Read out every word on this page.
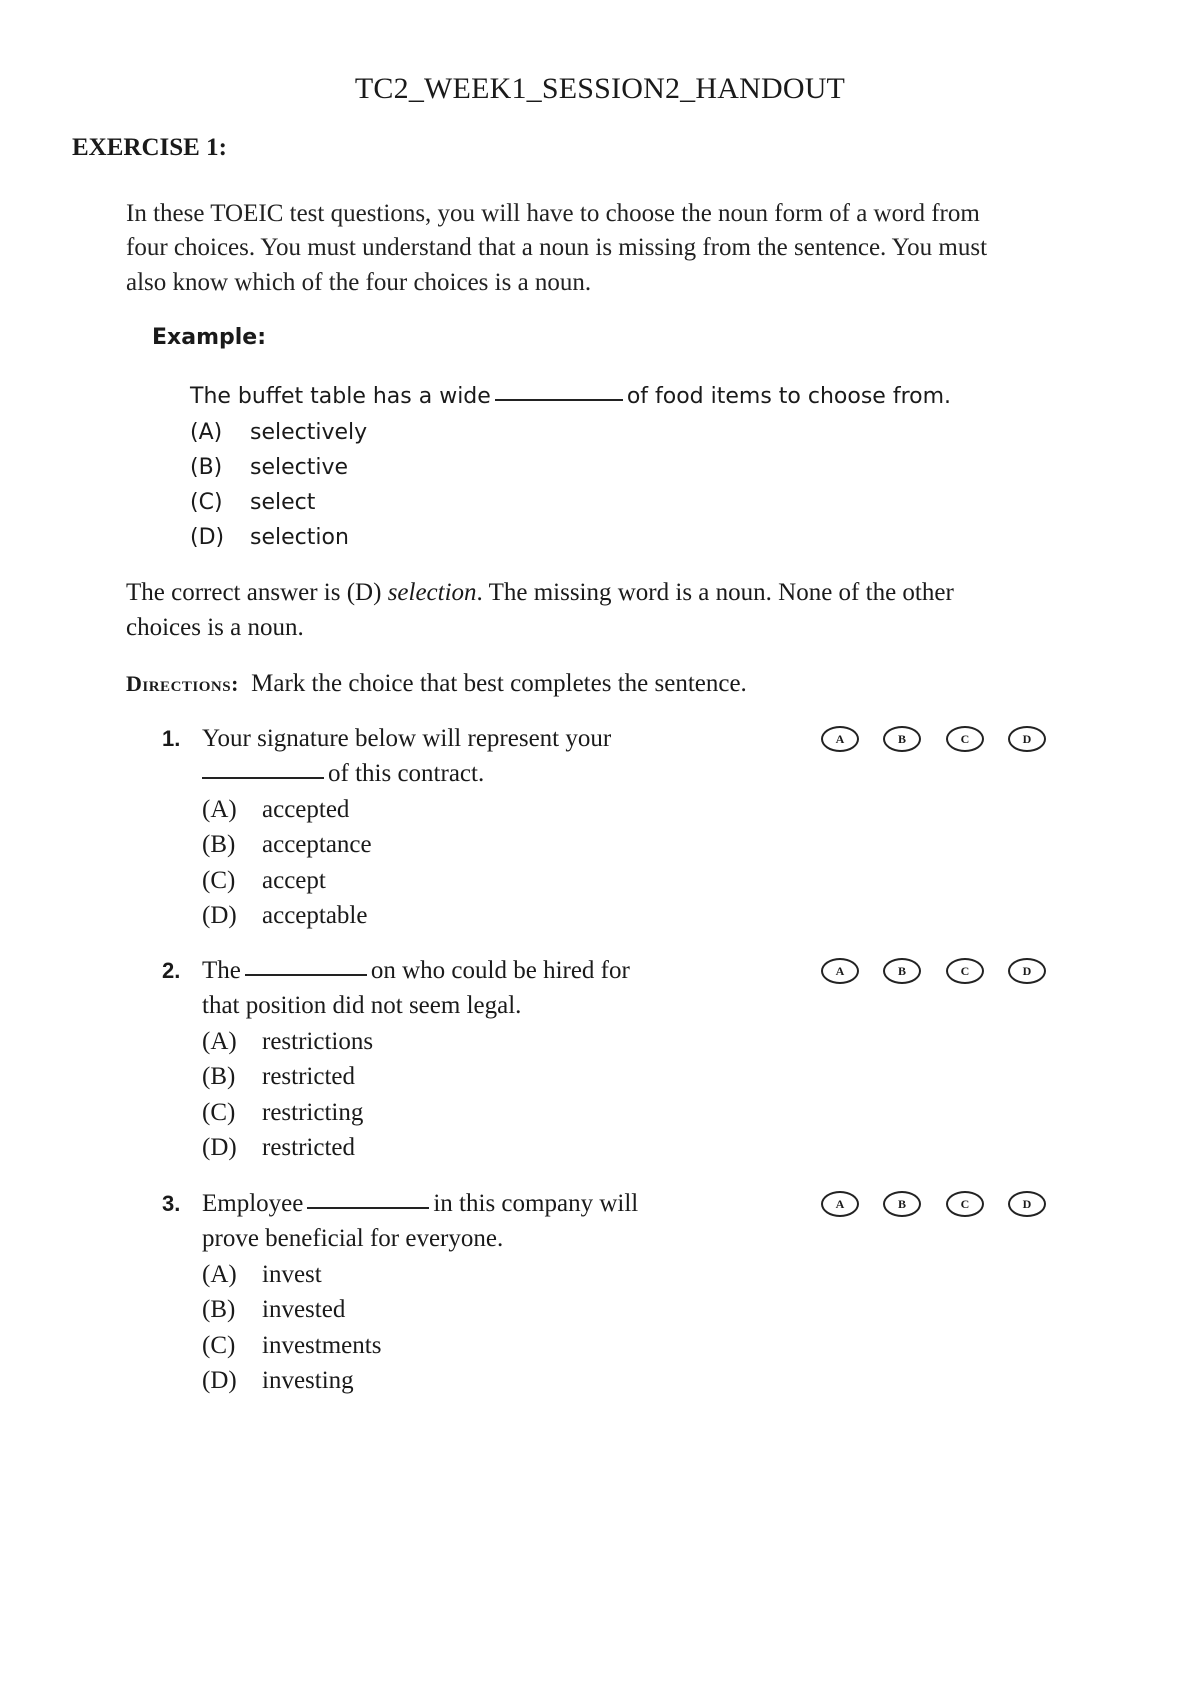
TC2_WEEK1_SESSION2_HANDOUT
EXERCISE 1:
In these TOEIC test questions, you will have to choose the noun form of a word from
four choices. You must understand that a noun is missing from the sentence. You must
also know which of the four choices is a noun.
Example:
The buffet table has a wide	of food items to choose from.
(A) selectively
(B) selective
(C) select
(D) selection
The correct answer is (D) selection. The missing word is a noun. None of the other
choices is a noun.
Directions: Mark the choice that best completes the sentence.
1. Your signature below will represent your
of this contract.
(A) accepted
(B) acceptance
(C) accept
(D) acceptable
A	B	C	D
2. The	on who could be hired for
that position did not seem legal.
(A) restrictions
(B) restricted
(C) restricting
(D) restricted
A	B	C	D
3. Employee	in this company will
prove beneficial for everyone.
(A) invest
(B) invested
(C) investments
(D) investing
A	B	C	D
